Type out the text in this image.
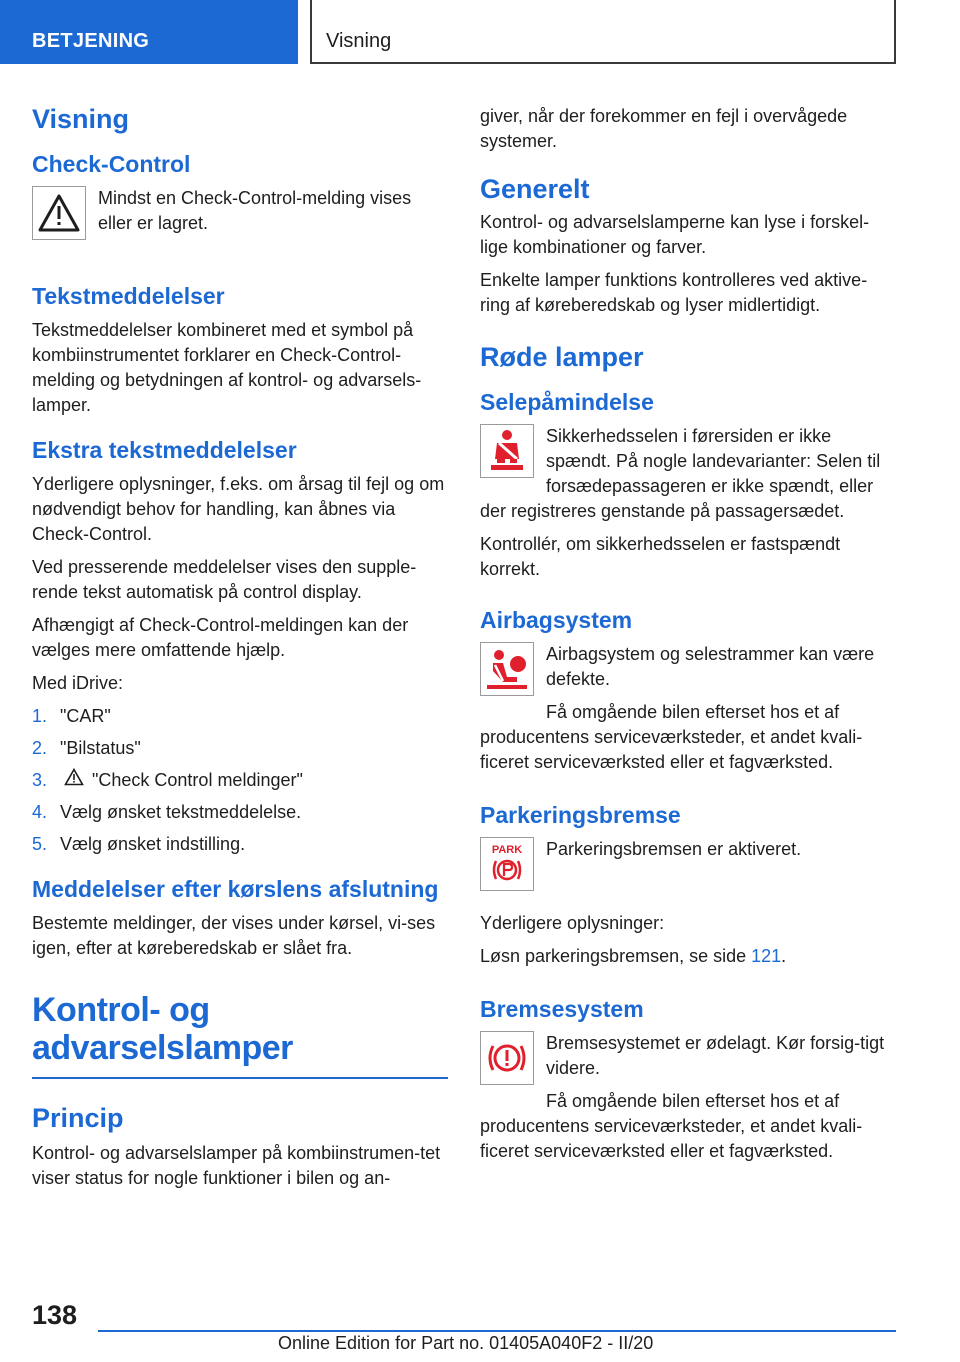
BETJENING	Visning
Visning
Check-Control

Mindst en Check-Control-melding vises eller er lagret.

Tekstmeddelelser

Tekstmeddelelser kombineret med et symbol på kombiinstrumentet forklarer en Check-Control-melding og betydningen af kontrol- og advarsels-lamper.

Ekstra tekstmeddelelser

Yderligere oplysninger, f.eks. om årsag til fejl og om nødvendigt behov for handling, kan åbnes via Check-Control.

Ved presserende meddelelser vises den supple-rende tekst automatisk på control display.

Afhængigt af Check-Control-meldingen kan der vælges mere omfattende hjælp.

Med iDrive:

1. "CAR"
2. "Bilstatus"
3.	"Check Control meldinger"
4. Vælg ønsket tekstmeddelelse.
5. Vælg ønsket indstilling.
Meddelelser efter kørslens afslutning

Bestemte meldinger, der vises under kørsel, vi-ses igen, efter at køreberedskab er slået fra.

Kontrol- og advarselslamper
Princip

Kontrol- og advarselslamper på kombiinstrumen-tet viser status for nogle funktioner i bilen og an-

giver, når der forekommer en fejl i overvågede systemer.

Generelt

Kontrol- og advarselslamperne kan lyse i forskel-lige kombinationer og farver.

Enkelte lamper funktions kontrolleres ved aktive-ring af køreberedskab og lyser midlertidigt.

Røde lamper
Selepåmindelse

Sikkerhedsselen i førersiden er ikke spændt. På nogle landevarianter: Selen til forsædepassageren er ikke spændt, eller

der registreres genstande på passagersædet.

Kontrollér, om sikkerhedsselen er fastspændt korrekt.

Airbagsystem

Airbagsystem og selestrammer kan være defekte.

Få omgående bilen efterset hos et af

producentens serviceværksteder, et andet kvali-ficeret serviceværksted eller et fagværksted.

Parkeringsbremse
PARK Parkeringsbremsen er aktiveret.

Yderligere oplysninger:

Løsn parkeringsbremsen, se side 121.

Bremsesystem

Bremsesystemet er ødelagt. Kør forsig-tigt videre.

Få omgående bilen efterset hos et af

producentens serviceværksteder, et andet kvali-ficeret serviceværksted eller et fagværksted.

138
Online Edition for Part no. 01405A040F2 - II/20
